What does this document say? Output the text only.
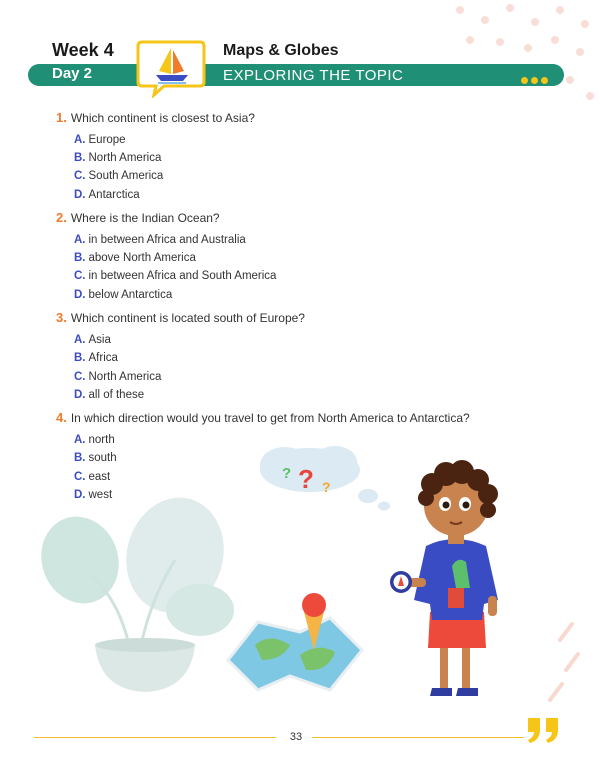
Week 4	Maps & Globes
Day 2	EXPLORING THE TOPIC
1. Which continent is closest to Asia?
A. Europe
B. North America
C. South America
D. Antarctica
2. Where is the Indian Ocean?
A. in between Africa and Australia
B. above North America
C. in between Africa and South America
D. below Antarctica
3. Which continent is located south of Europe?
A. Asia
B. Africa
C. North America
D. all of these
4. In which direction would you travel to get from North America to Antarctica?
A. north
B. south
C. east
D. west
? ? ?
33
